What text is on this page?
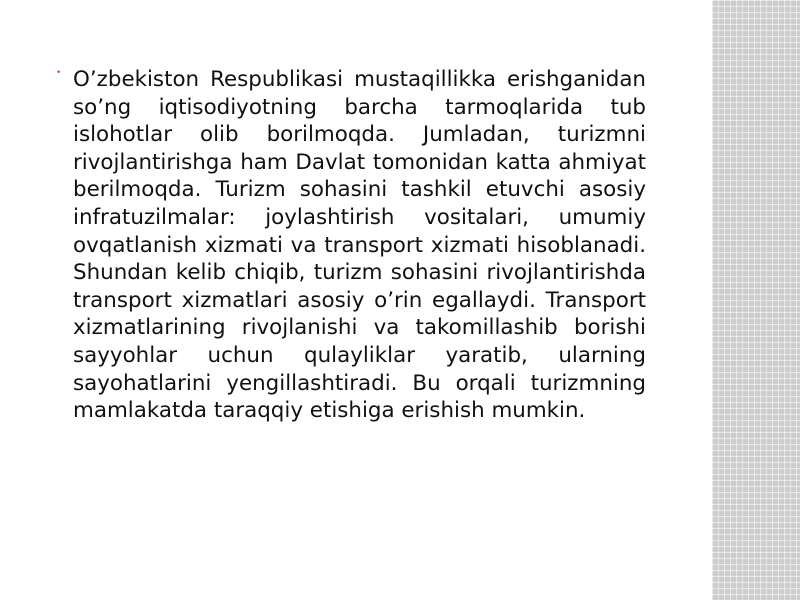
• O’zbekiston Respublikasi mustaqillikka erishganidan so’ng iqtisodiyotning barcha tarmoqlarida tub islohotlar olib borilmoqda. Jumladan, turizmni rivojlantirishga ham Davlat tomonidan katta ahmiyat berilmoqda. Turizm sohasini tashkil etuvchi asosiy infratuzilmalar: joylashtirish vositalari, umumiy ovqatlanish xizmati va transport xizmati hisoblanadi. Shundan kelib chiqib, turizm sohasini rivojlantirishda transport xizmatlari asosiy o’rin egallaydi. Transport xizmatlarining rivojlanishi va takomillashib borishi sayyohlar uchun qulayliklar yaratib, ularning sayohatlarini yengillashtiradi. Bu orqali turizmning mamlakatda taraqqiy etishiga erishish mumkin.
